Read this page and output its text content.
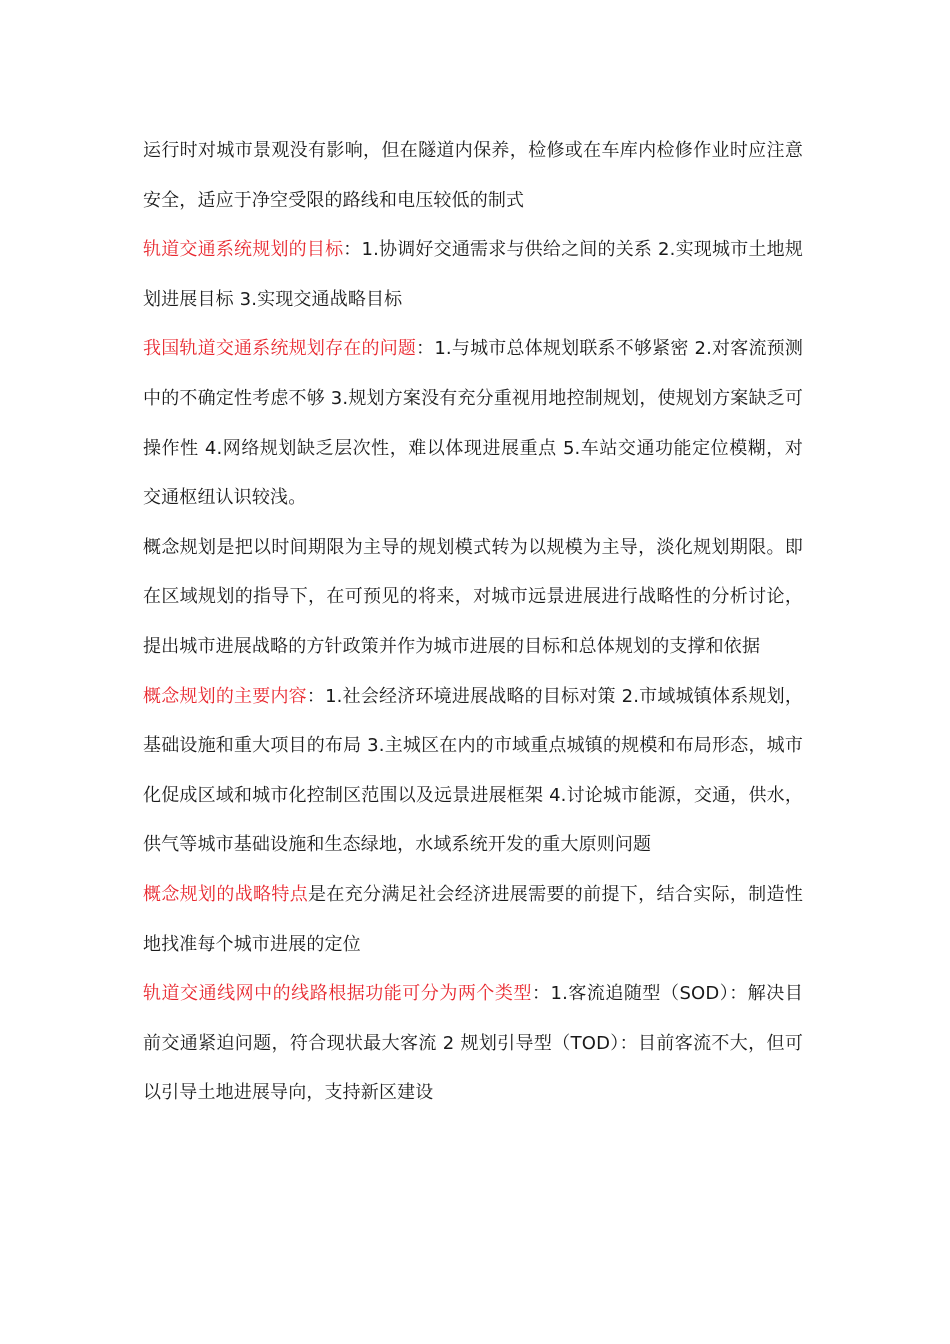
运行时对城市景观没有影响，但在隧道内保养，检修或在车库内检修作业时应注意安全，适应于净空受限的路线和电压较低的制式

轨道交通系统规划的目标：1.协调好交通需求与供给之间的关系 2.实现城市土地规划进展目标 3.实现交通战略目标

我国轨道交通系统规划存在的问题：1.与城市总体规划联系不够紧密 2.对客流预测中的不确定性考虑不够 3.规划方案没有充分重视用地控制规划，使规划方案缺乏可操作性 4.网络规划缺乏层次性，难以体现进展重点 5.车站交通功能定位模糊，对交通枢纽认识较浅。

概念规划是把以时间期限为主导的规划模式转为以规模为主导，淡化规划期限。即在区域规划的指导下，在可预见的将来，对城市远景进展进行战略性的分析讨论，提出城市进展战略的方针政策并作为城市进展的目标和总体规划的支撑和依据

概念规划的主要内容：1.社会经济环境进展战略的目标对策 2.市域城镇体系规划，基础设施和重大项目的布局 3.主城区在内的市域重点城镇的规模和布局形态，城市化促成区域和城市化控制区范围以及远景进展框架 4.讨论城市能源，交通，供水，供气等城市基础设施和生态绿地，水域系统开发的重大原则问题

概念规划的战略特点是在充分满足社会经济进展需要的前提下，结合实际，制造性地找准每个城市进展的定位

轨道交通线网中的线路根据功能可分为两个类型：1.客流追随型（SOD）：解决目前交通紧迫问题，符合现状最大客流 2 规划引导型（TOD）：目前客流不大，但可以引导土地进展导向，支持新区建设
